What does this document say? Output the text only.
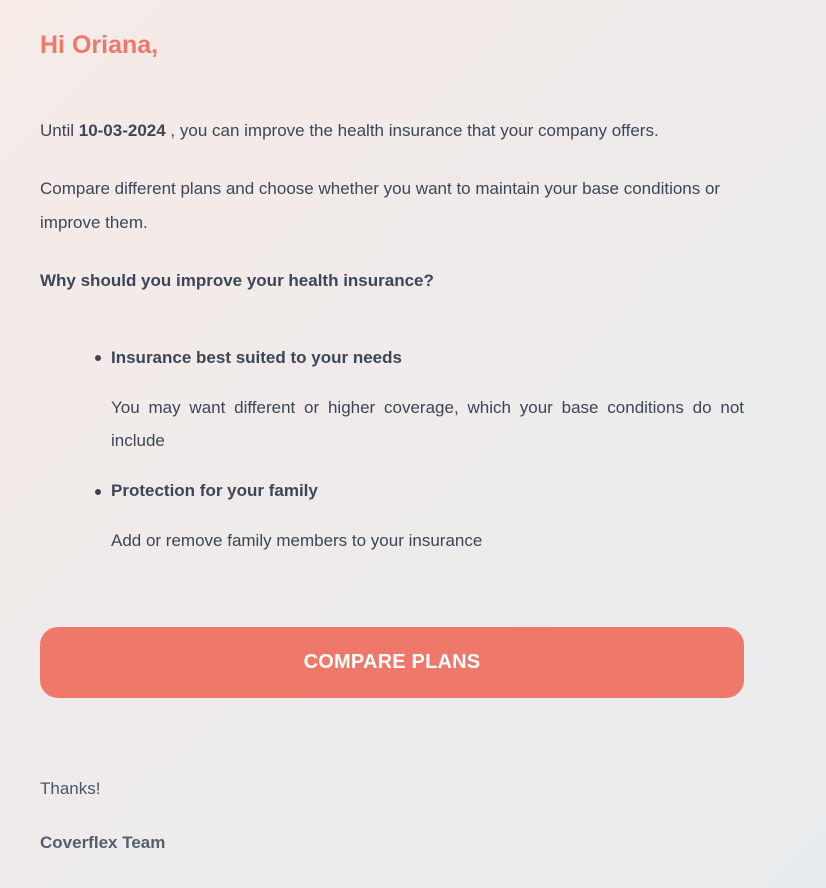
Hi Oriana,

Until 10-03-2024 , you can improve the health insurance that your company offers.

Compare different plans and choose whether you want to maintain your base conditions or improve them.

Why should you improve your health insurance?

Insurance best suited to your needs

You may want different or higher coverage, which your base conditions do not include

Protection for your family

Add or remove family members to your insurance

COMPARE PLANS

Thanks!

Coverflex Team
